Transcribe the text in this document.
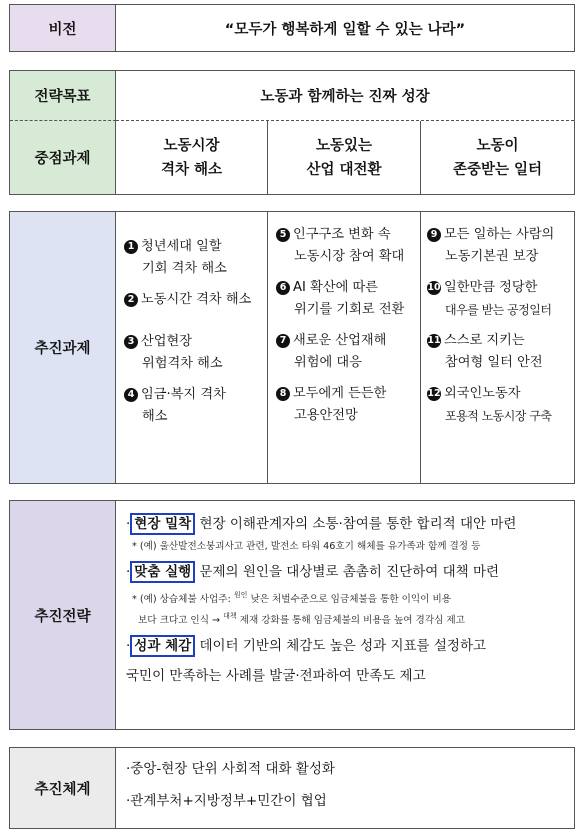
비전	“모두가 행복하게 일할 수 있는 나라”
전략목표	노동과 함께하는 진짜 성장
중점과제
노동시장
격차 해소
노동있는
산업 대전환
노동이
존중받는 일터
추진과제
1 청년세대 일할
기회 격차 해소
2 노동시간 격차 해소
3 산업현장
위험격차 해소
4 임금·복지 격차
해소
5 인구구조 변화 속
노동시장 참여 확대
6 AI 확산에 따른
위기를 기회로 전환
7 새로운 산업재해
위험에 대응
8 모두에게 든든한
고용안전망
9 모든 일하는 사람의
노동기본권 보장
10 일한만큼 정당한
대우를 받는 공정일터
11 스스로 지키는
참여형 일터 안전
12 외국인노동자
포용적 노동시장 구축
추진전략
· 현장 밀착 현장 이해관계자의 소통·참여를 통한 합리적 대안 마련
* (예) 울산발전소붕괴사고 관련, 발전소 타워 46호기 해체를 유가족과 함께 결정 등
· 맞춤 실행 문제의 원인을 대상별로 촘촘히 진단하여 대책 마련
* (예) 상습체불 사업주: $^{원인}$ 낮은 처벌수준으로 임금체불을 통한 이익이 비용
보다 크다고 인식 → $^{대책}$ 제재 강화를 통해 임금체불의 비용을 높여 경각심 제고
· 성과 체감 데이터 기반의 체감도 높은 성과 지표를 설정하고
국민이 만족하는 사례를 발굴·전파하여 만족도 제고
추진체계
·중앙-현장 단위 사회적 대화 활성화
·관계부처+지방정부+민간이 협업
